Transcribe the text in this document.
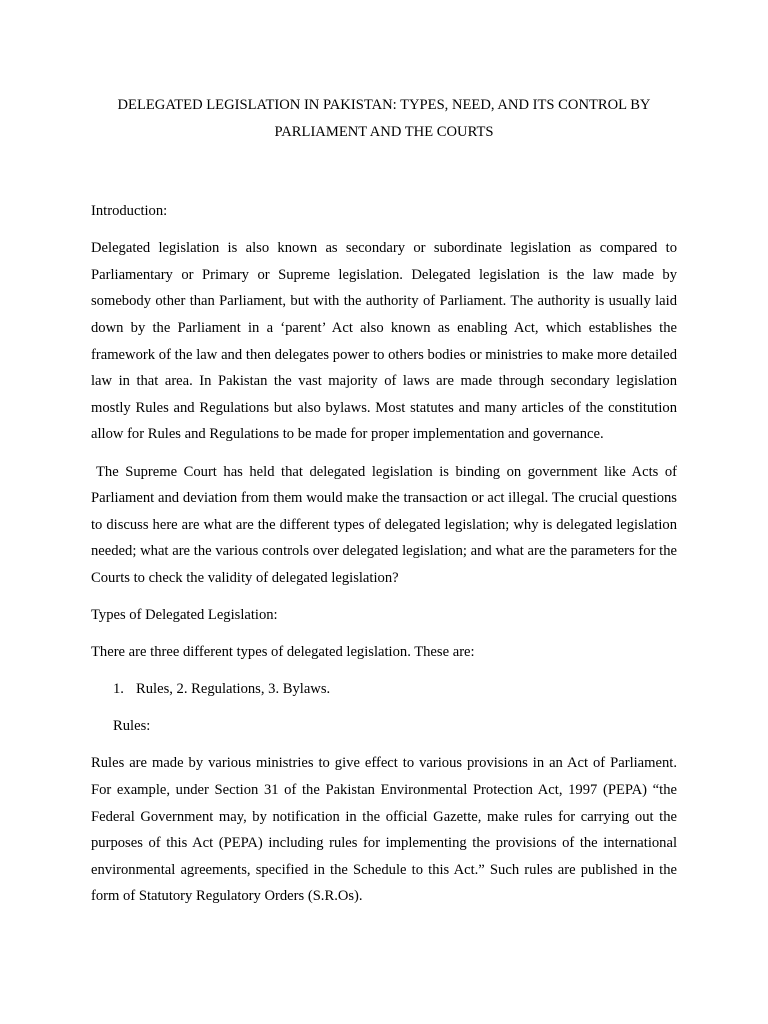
DELEGATED LEGISLATION IN PAKISTAN: TYPES, NEED, AND ITS CONTROL BY
PARLIAMENT AND THE COURTS

Introduction:

Delegated legislation is also known as secondary or subordinate legislation as compared to Parliamentary or Primary or Supreme legislation. Delegated legislation is the law made by somebody other than Parliament, but with the authority of Parliament. The authority is usually laid down by the Parliament in a ‘parent’ Act also known as enabling Act, which establishes the framework of the law and then delegates power to others bodies or ministries to make more detailed law in that area. In Pakistan the vast majority of laws are made through secondary legislation mostly Rules and Regulations but also bylaws. Most statutes and many articles of the constitution allow for Rules and Regulations to be made for proper implementation and governance.

The Supreme Court has held that delegated legislation is binding on government like Acts of Parliament and deviation from them would make the transaction or act illegal. The crucial questions to discuss here are what are the different types of delegated legislation; why is delegated legislation needed; what are the various controls over delegated legislation; and what are the parameters for the Courts to check the validity of delegated legislation?

Types of Delegated Legislation:

There are three different types of delegated legislation. These are:

1. Rules, 2. Regulations, 3. Bylaws.

Rules:

Rules are made by various ministries to give effect to various provisions in an Act of Parliament. For example, under Section 31 of the Pakistan Environmental Protection Act, 1997 (PEPA) “the Federal Government may, by notification in the official Gazette, make rules for carrying out the purposes of this Act (PEPA) including rules for implementing the provisions of the international environmental agreements, specified in the Schedule to this Act.” Such rules are published in the form of Statutory Regulatory Orders (S.R.Os).
